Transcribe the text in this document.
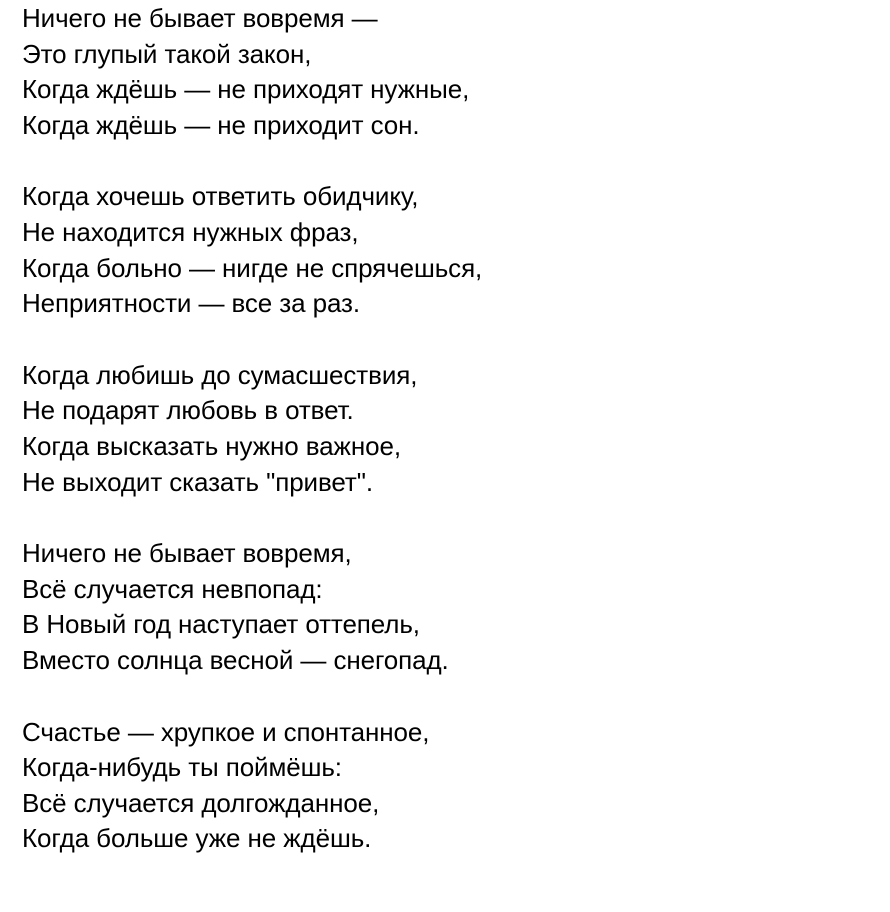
Ничего не бывает вовремя —
Это глупый такой закон,
Когда ждёшь — не приходят нужные,
Когда ждёшь — не приходит сон.
Когда хочешь ответить обидчику,
Не находится нужных фраз,
Когда больно — нигде не спрячешься,
Неприятности — все за раз.
Когда любишь до сумасшествия,
Не подарят любовь в ответ.
Когда высказать нужно важное,
Не выходит сказать "привет".
Ничего не бывает вовремя,
Всё случается невпопад:
В Новый год наступает оттепель,
Вместо солнца весной — снегопад.
Счастье — хрупкое и спонтанное,
Когда-нибудь ты поймёшь:
Всё случается долгожданное,
Когда больше уже не ждёшь.
